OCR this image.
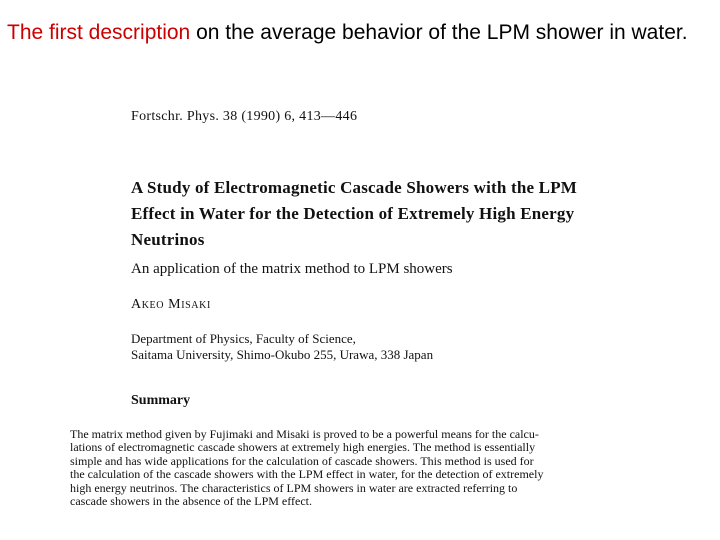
The first description on the average behavior of the LPM shower in water.
Fortschr. Phys. 38 (1990) 6, 413—446
A Study of Electromagnetic Cascade Showers with the LPM
Effect in Water for the Detection of Extremely High Energy
Neutrinos
An application of the matrix method to LPM showers
Akeo Misaki
Department of Physics, Faculty of Science,
Saitama University, Shimo-Okubo 255, Urawa, 338 Japan
Summary
The matrix method given by Fujimaki and Misaki is proved to be a powerful means for the calcu-
lations of electromagnetic cascade showers at extremely high energies. The method is essentially
simple and has wide applications for the calculation of cascade showers. This method is used for
the calculation of the cascade showers with the LPM effect in water, for the detection of extremely
high energy neutrinos. The characteristics of LPM showers in water are extracted referring to
cascade showers in the absence of the LPM effect.
